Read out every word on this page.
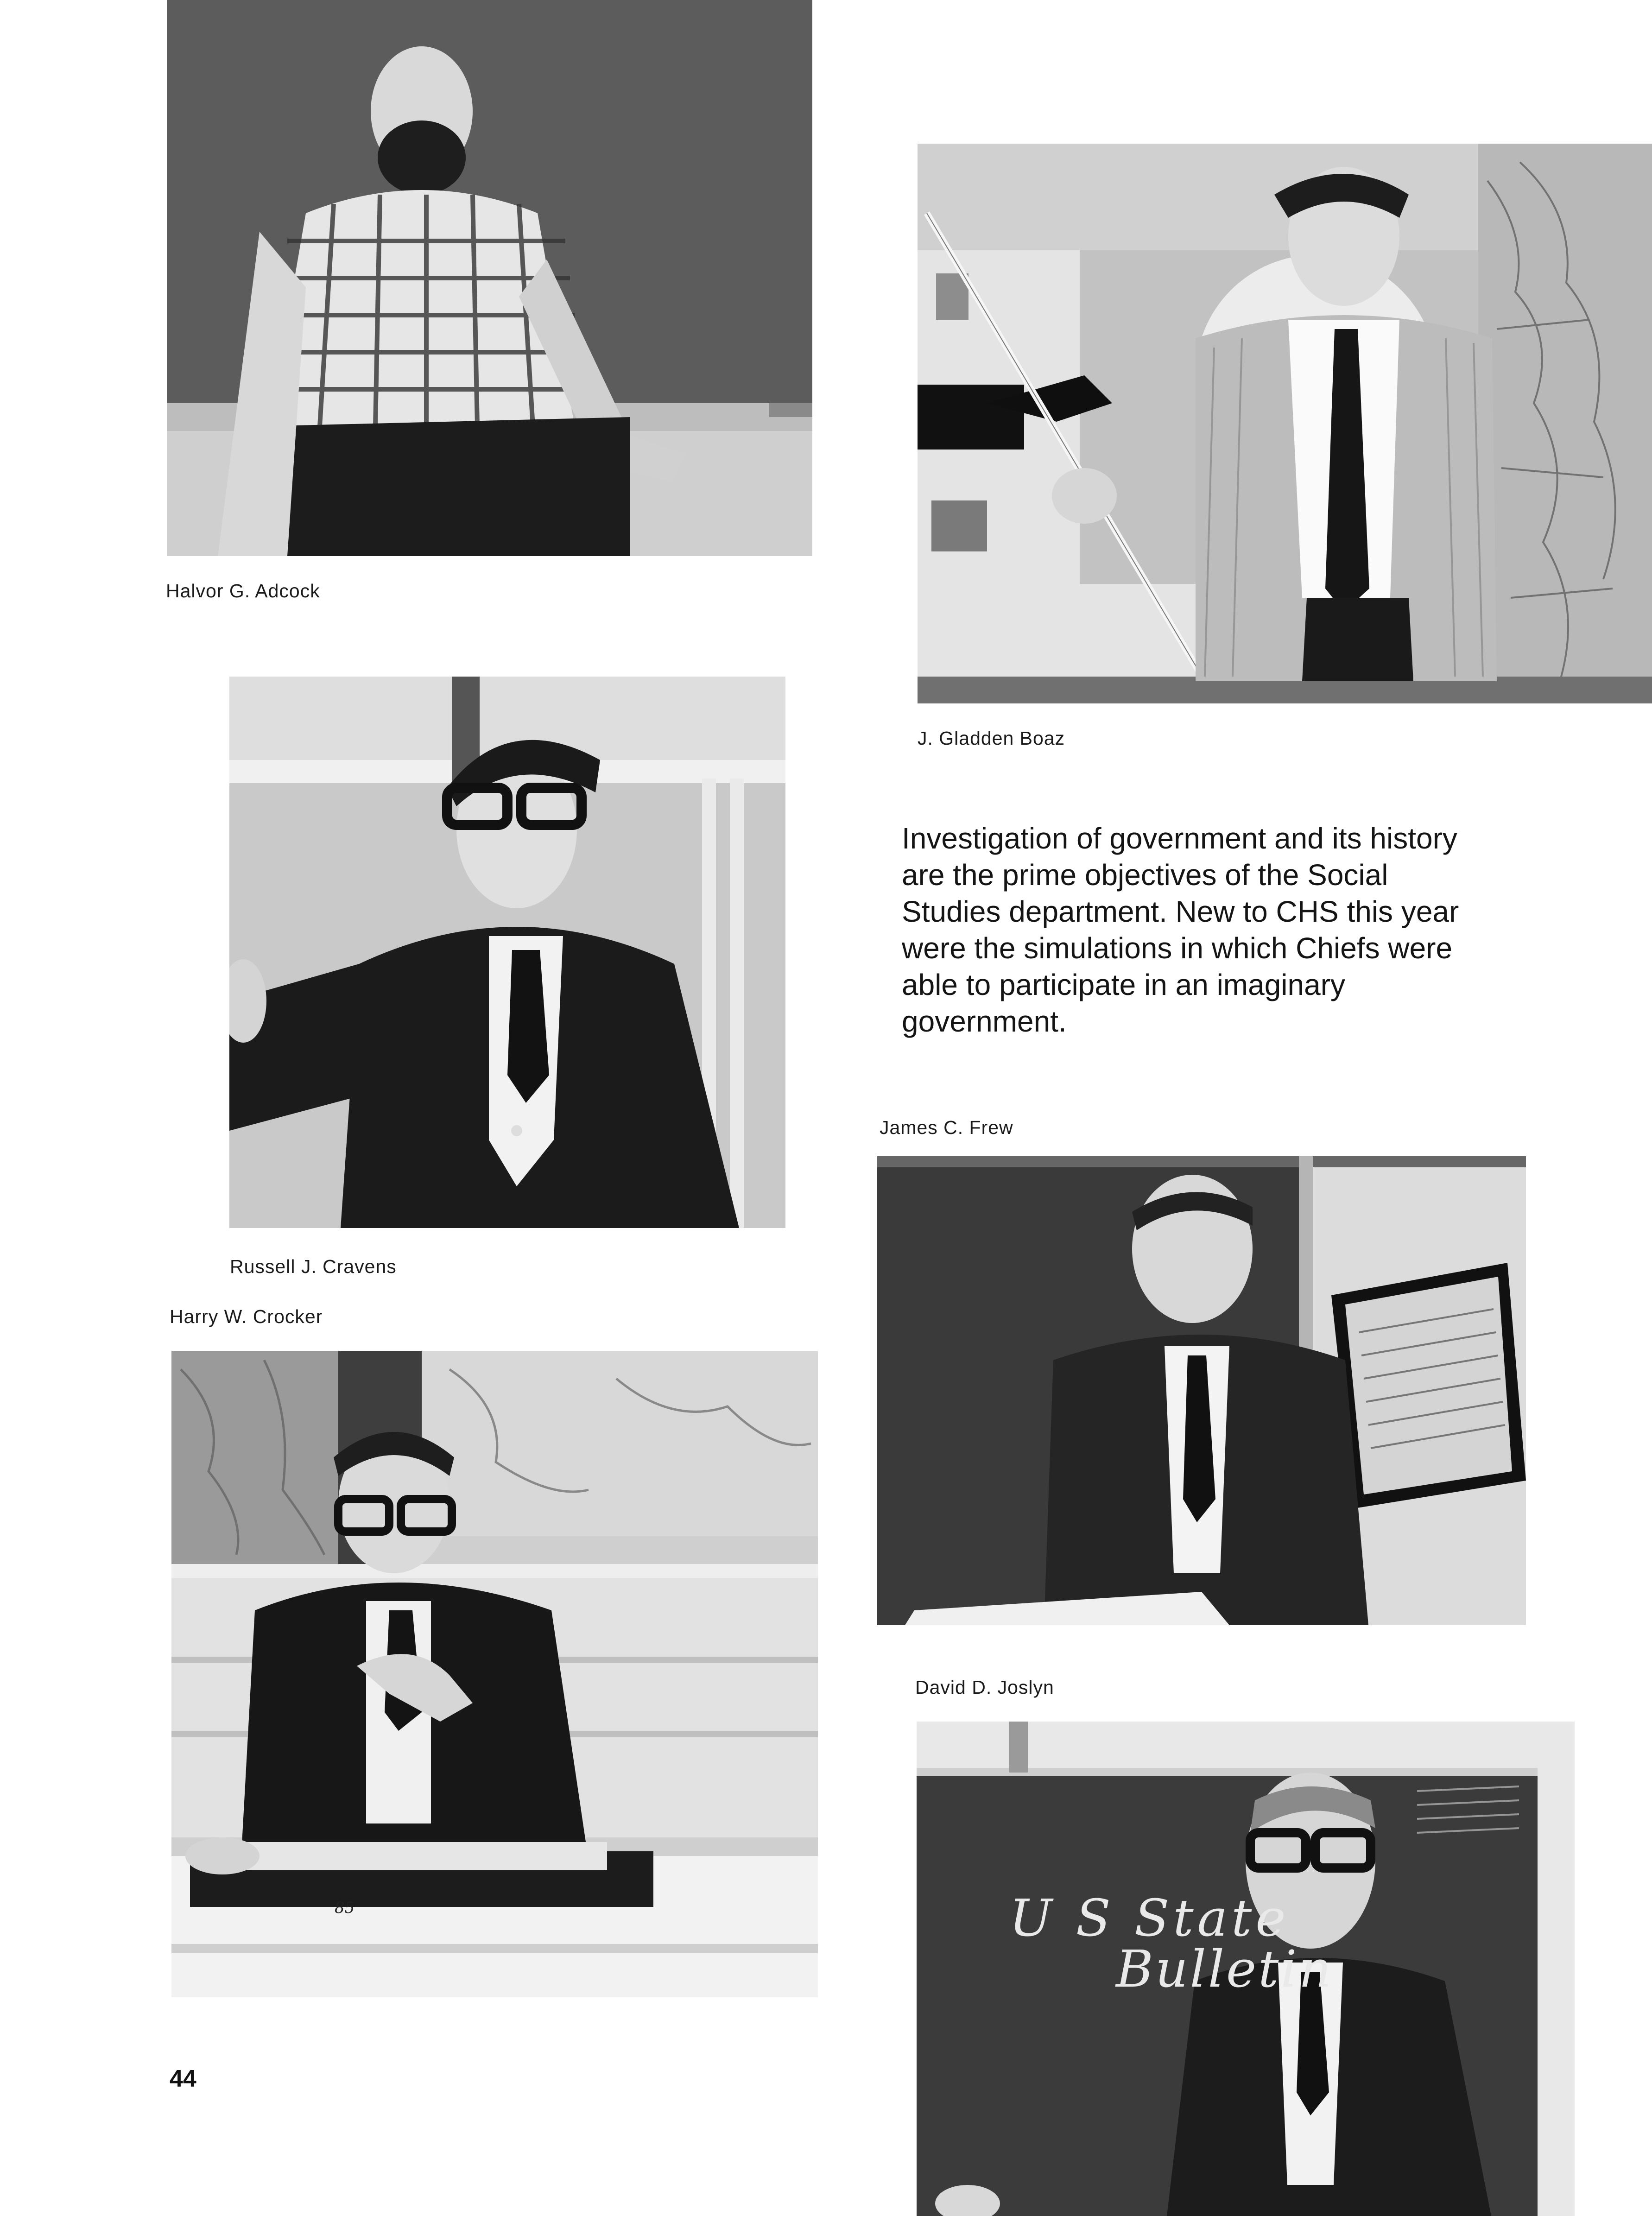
Halvor G. Adcock
J. Gladden Boaz
Russell J. Cravens
Harry W. Crocker
85

Investigation of government and its history are the prime objectives of the Social Studies department. New to CHS this year were the simulations in which Chiefs were able to participate in an imaginary government.

James C. Frew
David D. Joslyn
U S State
Bulletin
44
